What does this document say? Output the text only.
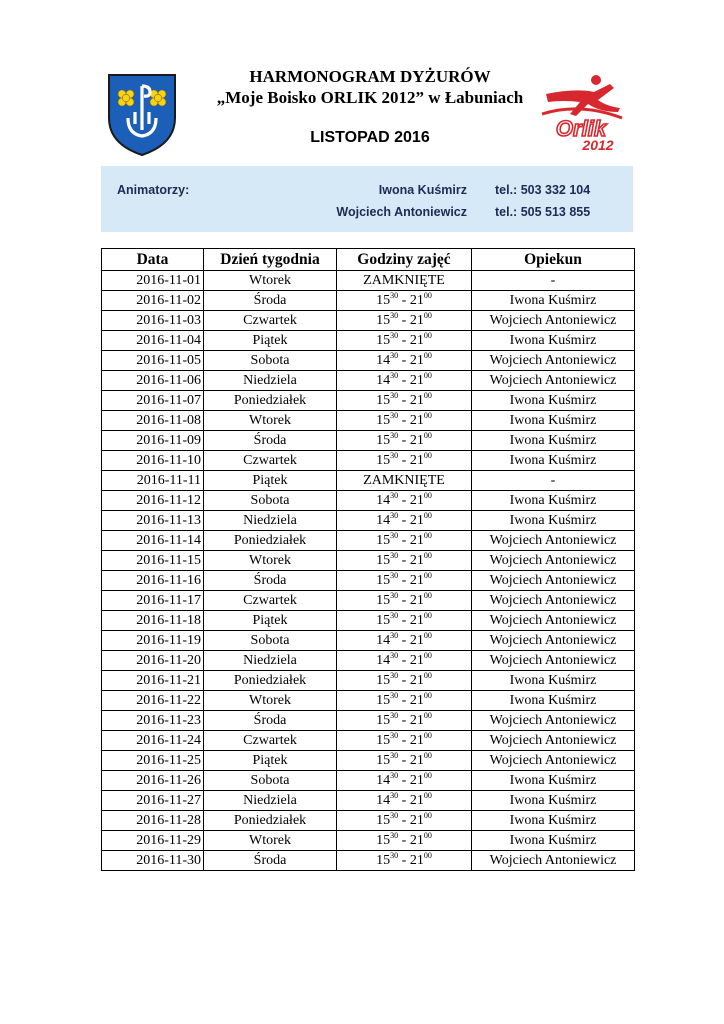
Orlik
2012
HARMONOGRAM DYŻURÓW
„Moje Boisko ORLIK 2012” w Łabuniach
LISTOPAD 2016
Animatorzy:	Iwona Kuśmirz tel.: 503 332 104
Wojciech Antoniewicz tel.: 505 513 855
Data	Dzień tygodnia	Godziny zajęć	Opiekun
2016-11-01	Wtorek	ZAMKNIĘTE	-
2016-11-02	Środa	$15^{30} - 21^{00}$	Iwona Kuśmirz
2016-11-03	Czwartek	$15^{30} - 21^{00}$	Wojciech Antoniewicz
2016-11-04	Piątek	$15^{30} - 21^{00}$	Iwona Kuśmirz
2016-11-05	Sobota	$14^{30} - 21^{00}$	Wojciech Antoniewicz
2016-11-06	Niedziela	$14^{30} - 21^{00}$	Wojciech Antoniewicz
2016-11-07	Poniedziałek	$15^{30} - 21^{00}$	Iwona Kuśmirz
2016-11-08	Wtorek	$15^{30} - 21^{00}$	Iwona Kuśmirz
2016-11-09	Środa	$15^{30} - 21^{00}$	Iwona Kuśmirz
2016-11-10	Czwartek	$15^{30} - 21^{00}$	Iwona Kuśmirz
2016-11-11	Piątek	ZAMKNIĘTE	-
2016-11-12	Sobota	$14^{30} - 21^{00}$	Iwona Kuśmirz
2016-11-13	Niedziela	$14^{30} - 21^{00}$	Iwona Kuśmirz
2016-11-14	Poniedziałek	$15^{30} - 21^{00}$	Wojciech Antoniewicz
2016-11-15	Wtorek	$15^{30} - 21^{00}$	Wojciech Antoniewicz
2016-11-16	Środa	$15^{30} - 21^{00}$	Wojciech Antoniewicz
2016-11-17	Czwartek	$15^{30} - 21^{00}$	Wojciech Antoniewicz
2016-11-18	Piątek	$15^{30} - 21^{00}$	Wojciech Antoniewicz
2016-11-19	Sobota	$14^{30} - 21^{00}$	Wojciech Antoniewicz
2016-11-20	Niedziela	$14^{30} - 21^{00}$	Wojciech Antoniewicz
2016-11-21	Poniedziałek	$15^{30} - 21^{00}$	Iwona Kuśmirz
2016-11-22	Wtorek	$15^{30} - 21^{00}$	Iwona Kuśmirz
2016-11-23	Środa	$15^{30} - 21^{00}$	Wojciech Antoniewicz
2016-11-24	Czwartek	$15^{30} - 21^{00}$	Wojciech Antoniewicz
2016-11-25	Piątek	$15^{30} - 21^{00}$	Wojciech Antoniewicz
2016-11-26	Sobota	$14^{30} - 21^{00}$	Iwona Kuśmirz
2016-11-27	Niedziela	$14^{30} - 21^{00}$	Iwona Kuśmirz
2016-11-28	Poniedziałek	$15^{30} - 21^{00}$	Iwona Kuśmirz
2016-11-29	Wtorek	$15^{30} - 21^{00}$	Iwona Kuśmirz
2016-11-30	Środa	$15^{30} - 21^{00}$	Wojciech Antoniewicz
